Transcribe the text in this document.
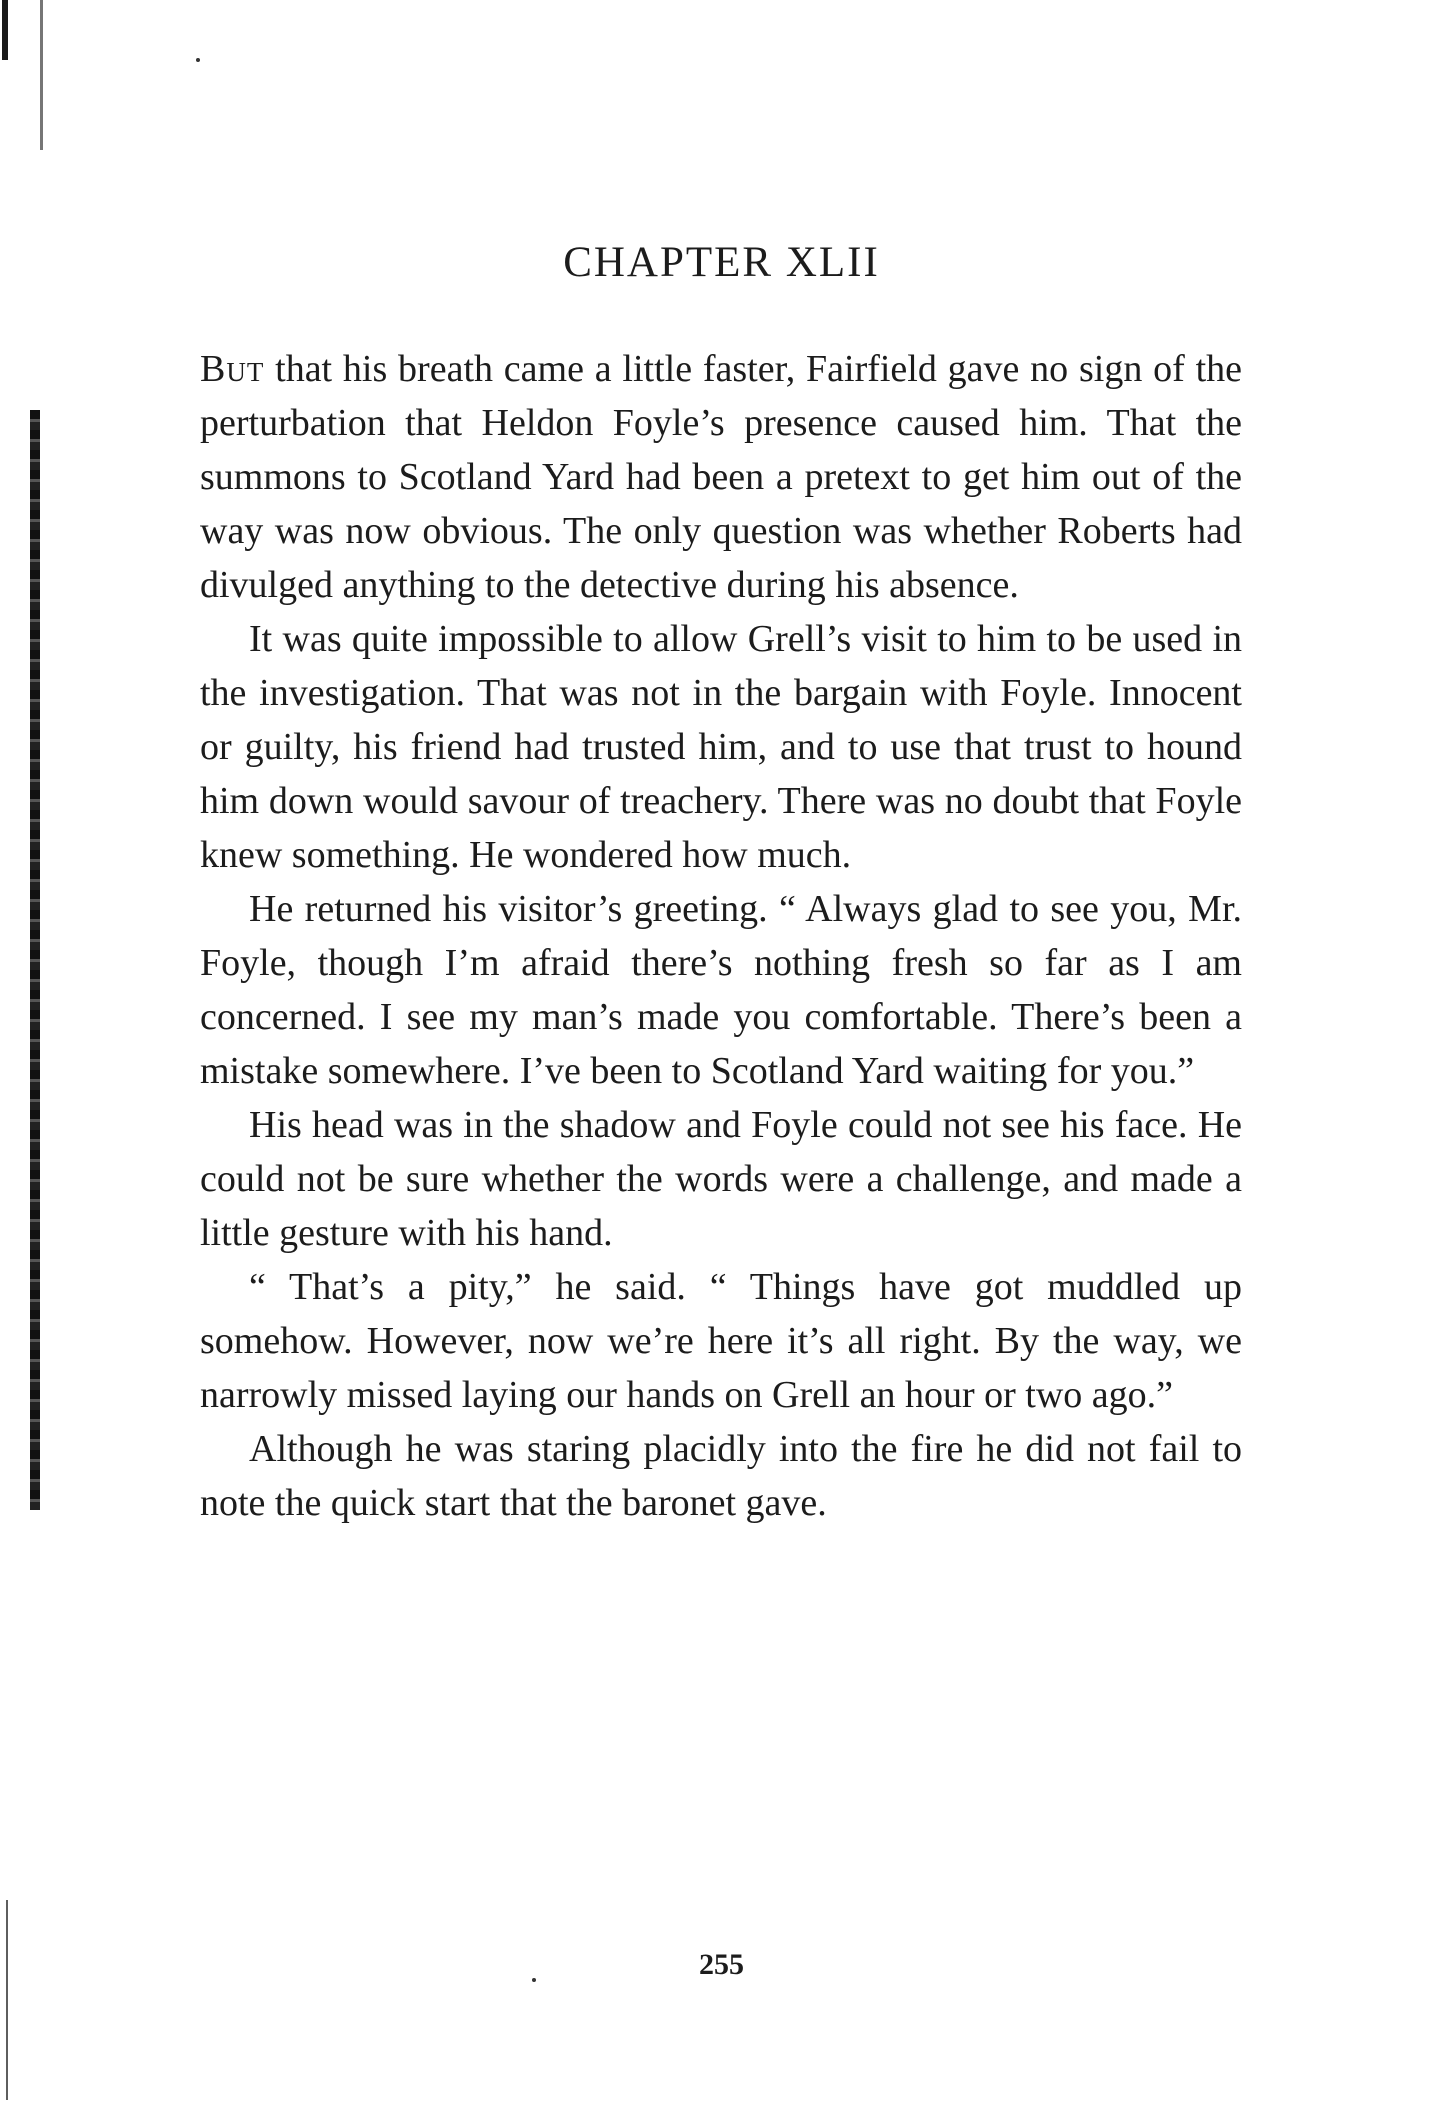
CHAPTER XLII

But that his breath came a little faster, Fairfield gave no sign of the perturbation that Heldon Foyle’s presence caused him. That the summons to Scotland Yard had been a pretext to get him out of the way was now obvious. The only question was whether Roberts had divulged anything to the detective during his absence.

It was quite impossible to allow Grell’s visit to him to be used in the investigation. That was not in the bargain with Foyle. Innocent or guilty, his friend had trusted him, and to use that trust to hound him down would savour of treachery. There was no doubt that Foyle knew something. He wondered how much.

He returned his visitor’s greeting. “ Always glad to see you, Mr. Foyle, though I’m afraid there’s nothing fresh so far as I am concerned. I see my man’s made you comfortable. There’s been a mistake somewhere. I’ve been to Scotland Yard waiting for you.”

His head was in the shadow and Foyle could not see his face. He could not be sure whether the words were a challenge, and made a little gesture with his hand.

“ That’s a pity,” he said. “ Things have got muddled up somehow. However, now we’re here it’s all right. By the way, we narrowly missed laying our hands on Grell an hour or two ago.”

Although he was staring placidly into the fire he did not fail to note the quick start that the baronet gave.

255
